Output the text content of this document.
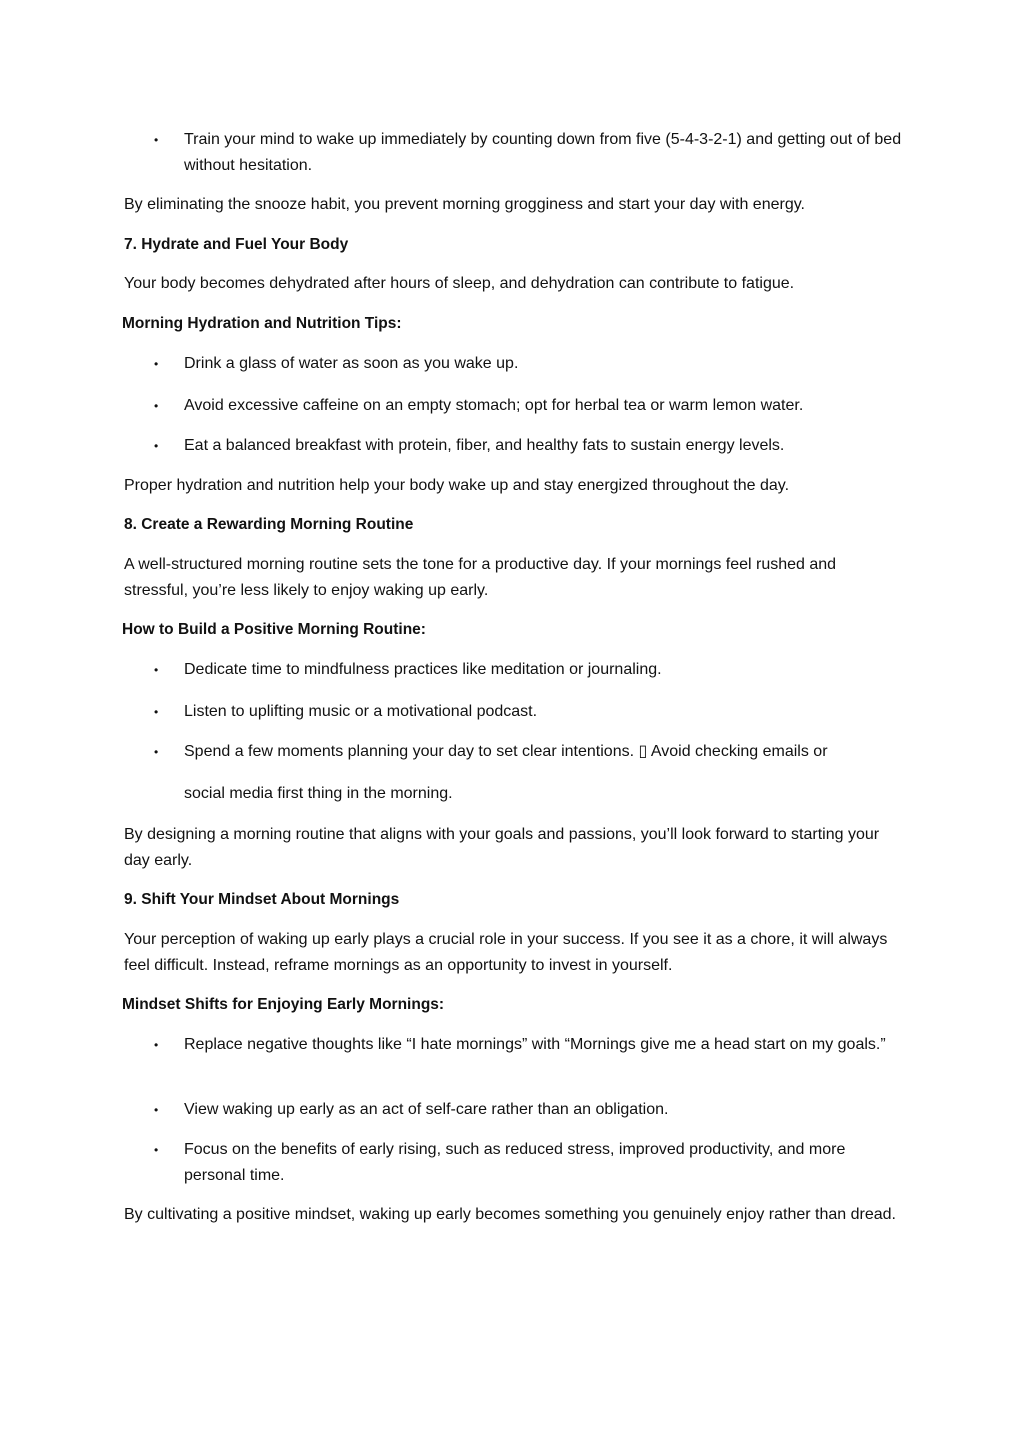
• Train your mind to wake up immediately by counting down from five (5-4-3-2-1) and getting out of bed without hesitation.

By eliminating the snooze habit, you prevent morning grogginess and start your day with energy.

7. Hydrate and Fuel Your Body

Your body becomes dehydrated after hours of sleep, and dehydration can contribute to fatigue.

Morning Hydration and Nutrition Tips:

• Drink a glass of water as soon as you wake up.

• Avoid excessive caffeine on an empty stomach; opt for herbal tea or warm lemon water.

• Eat a balanced breakfast with protein, fiber, and healthy fats to sustain energy levels.

Proper hydration and nutrition help your body wake up and stay energized throughout the day.

8. Create a Rewarding Morning Routine

A well-structured morning routine sets the tone for a productive day. If your mornings feel rushed and stressful, you’re less likely to enjoy waking up early.

How to Build a Positive Morning Routine:

• Dedicate time to mindfulness practices like meditation or journaling.

• Listen to uplifting music or a motivational podcast.

• Spend a few moments planning your day to set clear intentions. ▯ Avoid checking emails or

social media first thing in the morning.

By designing a morning routine that aligns with your goals and passions, you’ll look forward to starting your day early.

9. Shift Your Mindset About Mornings

Your perception of waking up early plays a crucial role in your success. If you see it as a chore, it will always feel difficult. Instead, reframe mornings as an opportunity to invest in yourself.

Mindset Shifts for Enjoying Early Mornings:

• Replace negative thoughts like “I hate mornings” with “Mornings give me a head start on my goals.”

• View waking up early as an act of self-care rather than an obligation.

• Focus on the benefits of early rising, such as reduced stress, improved productivity, and more personal time.

By cultivating a positive mindset, waking up early becomes something you genuinely enjoy rather than dread.
